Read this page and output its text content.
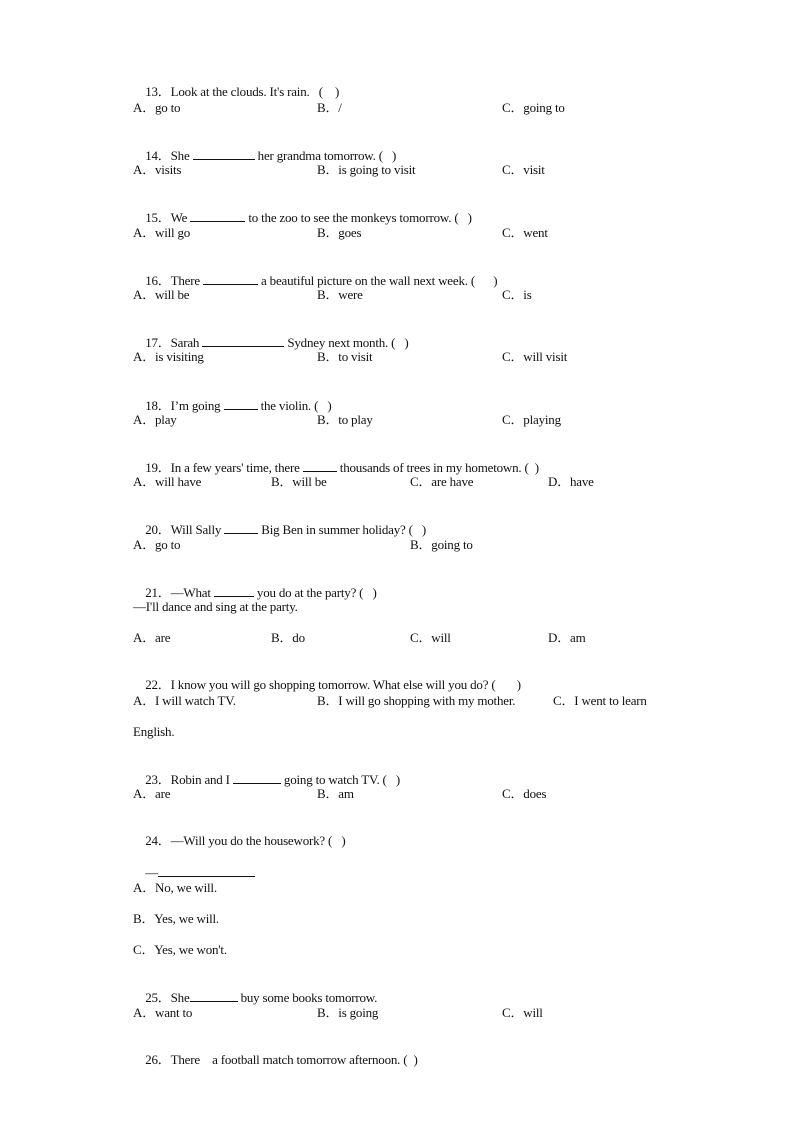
13．Look at the clouds. It's rain. (    )

A．go to	B．/	C．going to

14．She	her grandma tomorrow. (   )

A．visits	B．is going to visit	C．visit

15．We	to the zoo to see the monkeys tomorrow. (   )

A．will go	B．goes	C．went

16．There	a beautiful picture on the wall next week. (      )

A．will be	B．were	C．is

17．Sarah	Sydney next month. (   )

A．is visiting	B．to visit	C．will visit

18．I’m going	the violin. (   )

A．play	B．to play	C．playing

19．In a few years' time, there	thousands of trees in my hometown. (  )

A．will have	B．will be	C．are have	D．have

20．Will Sally	Big Ben in summer holiday? (   )

A．go to	B．going to

21．—What	you do at the party? (   )

—I'll dance and sing at the party.
A．are	B．do	C．will	D．am

22．I know you will go shopping tomorrow. What else will you do? (       )

A．I will watch TV.	B．I will go shopping with my mother.	C．I went to learn
English.

23．Robin and I	going to watch TV. (   )

A．are	B．am	C．does

24．—Will you do the housework? (   )

—

A．No, we will.
B．Yes, we will.
C．Yes, we won't.

25．She	buy some books tomorrow.

A．want to	B．is going	C．will

26．There a football match tomorrow afternoon. (  )
